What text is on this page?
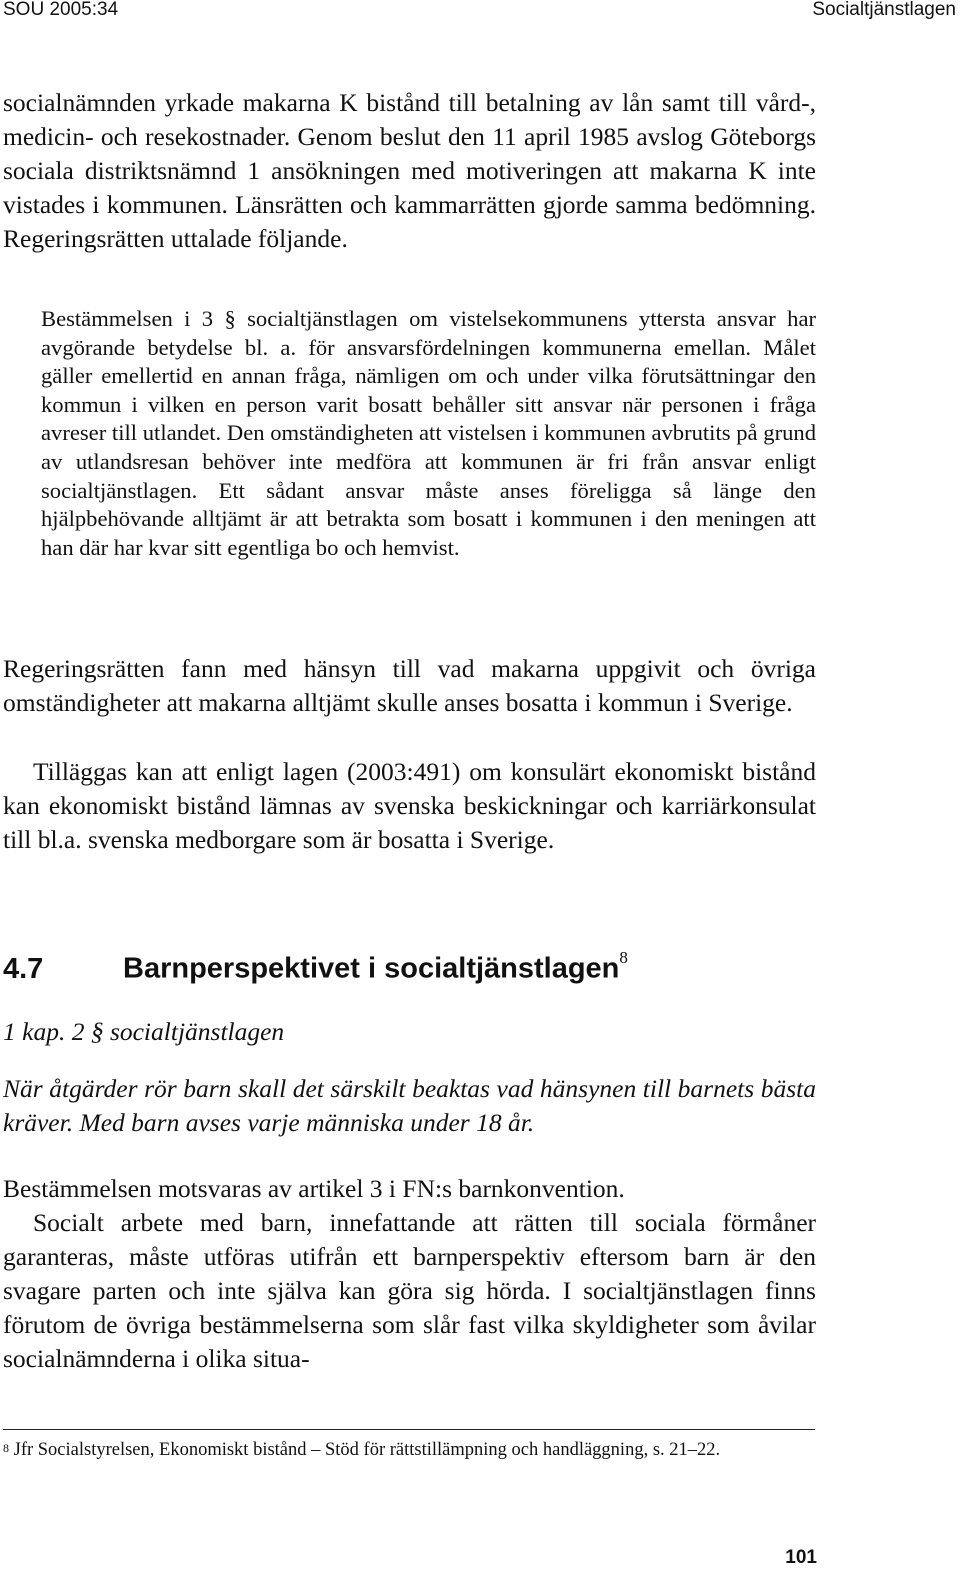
SOU 2005:34	Socialtjänstlagen
socialnämnden yrkade makarna K bistånd till betalning av lån samt till vård-, medicin- och resekostnader. Genom beslut den 11 april 1985 avslog Göteborgs sociala distriktsnämnd 1 ansökningen med motiveringen att makarna K inte vistades i kommunen. Länsrätten och kammarrätten gjorde samma bedömning. Regeringsrätten uttalade följande.
Bestämmelsen i 3 § socialtjänstlagen om vistelsekommunens yttersta ansvar har avgörande betydelse bl. a. för ansvarsfördelningen kommunerna emellan. Målet gäller emellertid en annan fråga, nämligen om och under vilka förutsättningar den kommun i vilken en person varit bosatt behåller sitt ansvar när personen i fråga avreser till utlandet. Den omständigheten att vistelsen i kommunen avbrutits på grund av utlandsresan behöver inte medföra att kommunen är fri från ansvar enligt socialtjänstlagen. Ett sådant ansvar måste anses föreligga så länge den hjälpbehövande alltjämt är att betrakta som bosatt i kommunen i den meningen att han där har kvar sitt egentliga bo och hemvist.
Regeringsrätten fann med hänsyn till vad makarna uppgivit och övriga omständigheter att makarna alltjämt skulle anses bosatta i kommun i Sverige.
Tilläggas kan att enligt lagen (2003:491) om konsulärt ekonomiskt bistånd kan ekonomiskt bistånd lämnas av svenska beskickningar och karriärkonsulat till bl.a. svenska medborgare som är bosatta i Sverige.
4.7	Barnperspektivet i socialtjänstlagen$^8$
1 kap. 2 § socialtjänstlagen
När åtgärder rör barn skall det särskilt beaktas vad hänsynen till barnets bästa kräver. Med barn avses varje människa under 18 år.
Bestämmelsen motsvaras av artikel 3 i FN:s barnkonvention.
Socialt arbete med barn, innefattande att rätten till sociala förmåner garanteras, måste utföras utifrån ett barnperspektiv eftersom barn är den svagare parten och inte själva kan göra sig hörda. I socialtjänstlagen finns förutom de övriga bestämmelserna som slår fast vilka skyldigheter som åvilar socialnämnderna i olika situa-
$^8$ Jfr Socialstyrelsen, Ekonomiskt bistånd – Stöd för rättstillämpning och handläggning, s. 21–22.
101
